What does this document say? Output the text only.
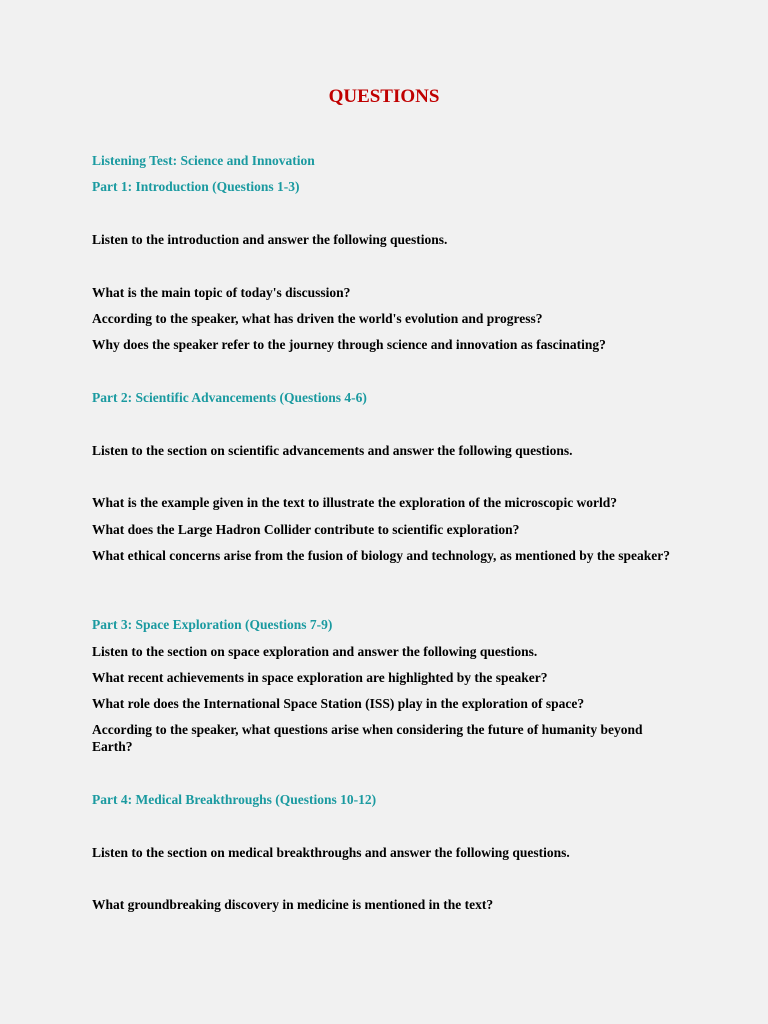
QUESTIONS
Listening Test: Science and Innovation
Part 1: Introduction (Questions 1-3)
Listen to the introduction and answer the following questions.
What is the main topic of today's discussion?
According to the speaker, what has driven the world's evolution and progress?
Why does the speaker refer to the journey through science and innovation as fascinating?
Part 2: Scientific Advancements (Questions 4-6)
Listen to the section on scientific advancements and answer the following questions.
What is the example given in the text to illustrate the exploration of the microscopic world?
What does the Large Hadron Collider contribute to scientific exploration?
What ethical concerns arise from the fusion of biology and technology, as mentioned by the speaker?
Part 3: Space Exploration (Questions 7-9)
Listen to the section on space exploration and answer the following questions.
What recent achievements in space exploration are highlighted by the speaker?
What role does the International Space Station (ISS) play in the exploration of space?
According to the speaker, what questions arise when considering the future of humanity beyond Earth?
Part 4: Medical Breakthroughs (Questions 10-12)
Listen to the section on medical breakthroughs and answer the following questions.
What groundbreaking discovery in medicine is mentioned in the text?
